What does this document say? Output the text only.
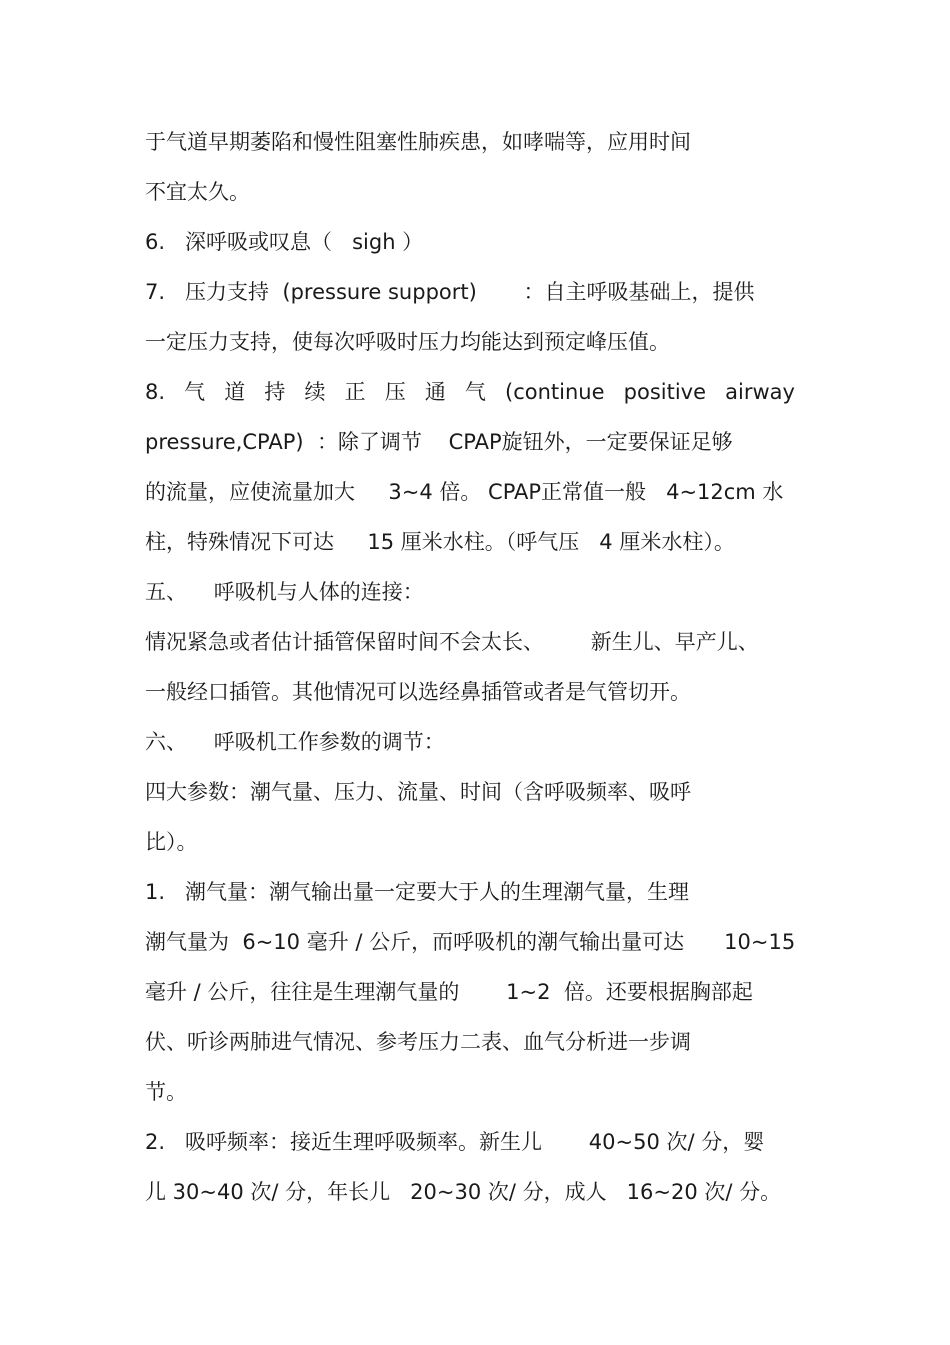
于气道早期萎陷和慢性阻塞性肺疾患，如哮喘等，应用时间

不宜太久。

6.   深呼吸或叹息（   sigh ）

7.   压力支持  (pressure support)       ：自主呼吸基础上，提供

一定压力支持，使每次呼吸时压力均能达到预定峰压值。

8. 气 道 持 续 正 压 通 气 (continue positive airway

pressure,CPAP)  ：除了调节    CPAP旋钮外，一定要保证足够

的流量，应使流量加大     3~4 倍。 CPAP正常值一般   4~12cm 水

柱，特殊情况下可达     15 厘米水柱。（呼气压   4 厘米水柱）。

五、    呼吸机与人体的连接：

情况紧急或者估计插管保留时间不会太长、       新生儿、早产儿、

一般经口插管。其他情况可以选经鼻插管或者是气管切开。

六、    呼吸机工作参数的调节：

四大参数：潮气量、压力、流量、时间（含呼吸频率、吸呼

比）。

1.   潮气量：潮气输出量一定要大于人的生理潮气量，生理

潮气量为  6~10 毫升 / 公斤，而呼吸机的潮气输出量可达      10~15

毫升 / 公斤，往往是生理潮气量的       1~2  倍。还要根据胸部起

伏、听诊两肺进气情况、参考压力二表、血气分析进一步调

节。

2.   吸呼频率：接近生理呼吸频率。新生儿       40~50 次/ 分，婴

儿 30~40 次/ 分，年长儿   20~30 次/ 分，成人   16~20 次/ 分。
